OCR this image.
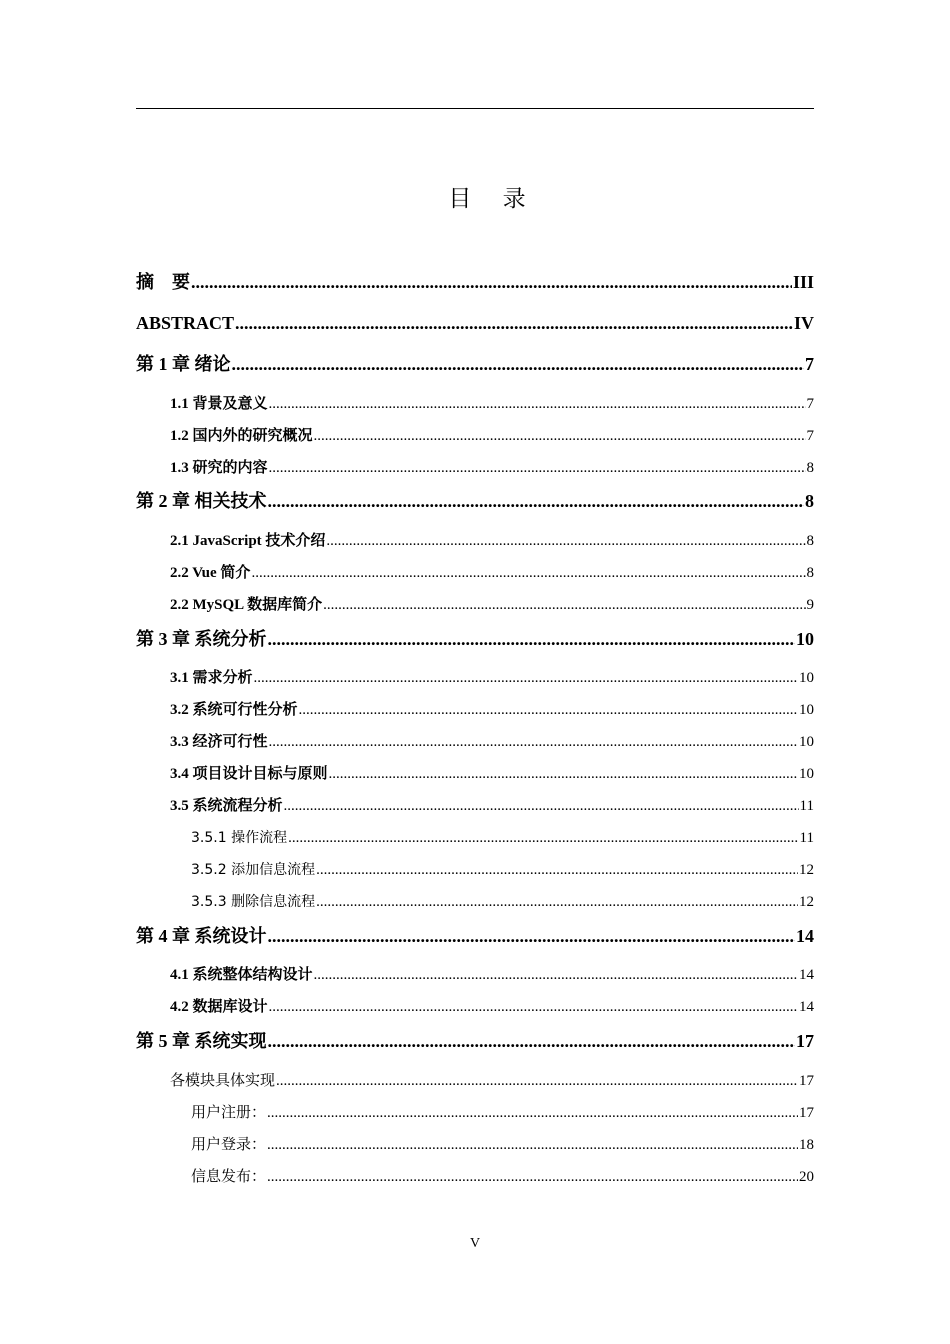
目 录
摘　要 .....	III
ABSTRACT .....	IV
第 1 章 绪论 .....	7
1.1 背景及意义 .....	7
1.2 国内外的研究概况 .....	7
1.3 研究的内容 .....	8
第 2 章 相关技术 .....	8
2.1 JavaScript 技术介绍 .....	8
2.2 Vue 简介 .....	8
2.2 MySQL 数据库简介 .....	9
第 3 章 系统分析 .....	10
3.1 需求分析 .....	10
3.2 系统可行性分析 .....	10
3.3 经济可行性 .....	10
3.4 项目设计目标与原则 .....	10
3.5 系统流程分析 .....	11
3.5.1 操作流程 .....	11
3.5.2 添加信息流程 .....	12
3.5.3 删除信息流程 .....	12
第 4 章 系统设计 .....	14
4.1 系统整体结构设计 .....	14
4.2 数据库设计 .....	14
第 5 章 系统实现 .....	17
各模块具体实现 .....	17
用户注册： .....	17
用户登录： .....	18
信息发布： .....	20
V
